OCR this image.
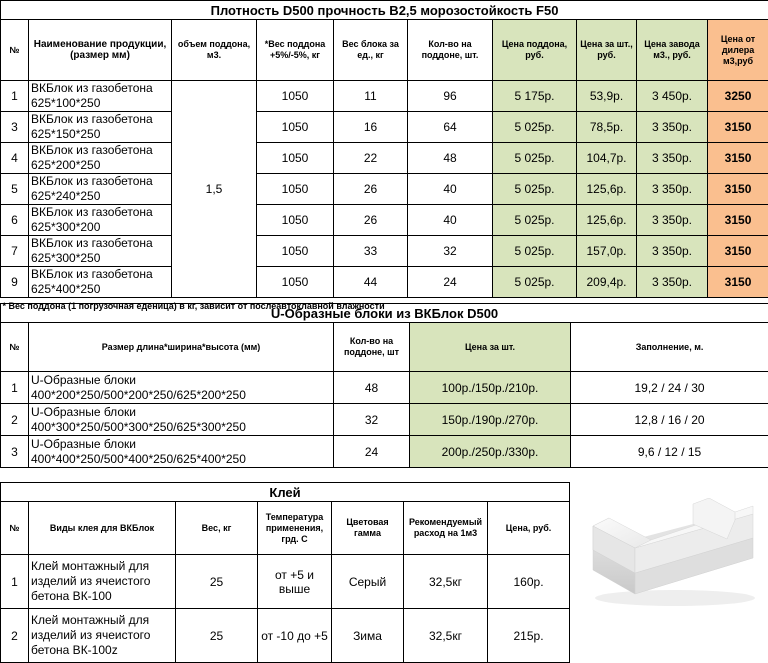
Плотность D500 прочность В2,5 морозостойкость F50									
№	Наименование продукции, (размер мм)	объем поддона, м3.	*Вес поддона +5%/-5%, кг	Вес блока за ед., кг	Кол-во на поддоне, шт.	Цена поддона, руб.	Цена за шт., руб.	Цена завода м3., руб.	Цена от дилера м3,руб
1	ВКБлок из газобетона 625*100*250	1,5	1050	11	96	5 175р.	53,9р.	3 450р.	3250
3	ВКБлок из газобетона 625*150*250		1050	16	64	5 025р.	78,5р.	3 350р.	3150
4	ВКБлок из газобетона 625*200*250		1050	22	48	5 025р.	104,7р.	3 350р.	3150
5	ВКБлок из газобетона 625*240*250		1050	26	40	5 025р.	125,6р.	3 350р.	3150
6	ВКБлок из газобетона 625*300*200		1050	26	40	5 025р.	125,6р.	3 350р.	3150
7	ВКБлок из газобетона 625*300*250		1050	33	32	5 025р.	157,0р.	3 350р.	3150
9	ВКБлок из газобетона 625*400*250		1050	44	24	5 025р.	209,4р.	3 350р.	3150
* Вес поддона (1 погрузочная еденица) в кг, зависит от послеавтоклавной влажности									
U-Образные блоки из ВКБлок D500				
№	Размер длина*ширина*высота (мм)	Кол-во на поддоне, шт	Цена за шт.	Заполнение, м.
1	U-Образные блоки 400*200*250/500*200*250/625*200*250	48	100р./150р./210р.	19,2 / 24 / 30
2	U-Образные блоки 400*300*250/500*300*250/625*300*250	32	150р./190р./270р.	12,8 / 16 / 20
3	U-Образные блоки 400*400*250/500*400*250/625*400*250	24	200р./250р./330р.	9,6 / 12 / 15
Клей						
№	Виды клея для ВКБлок	Вес, кг	Температура применения, грд. С	Цветовая гамма	Рекомендуемый расход на 1м3	Цена, руб.
1	Клей монтажный для изделий из ячеистого бетона ВК-100	25	от +5 и выше	Серый	32,5кг	160р.
2	Клей монтажный для изделий из ячеистого бетона ВК-100z	25	от -10 до +5	Зима	32,5кг	215р.
